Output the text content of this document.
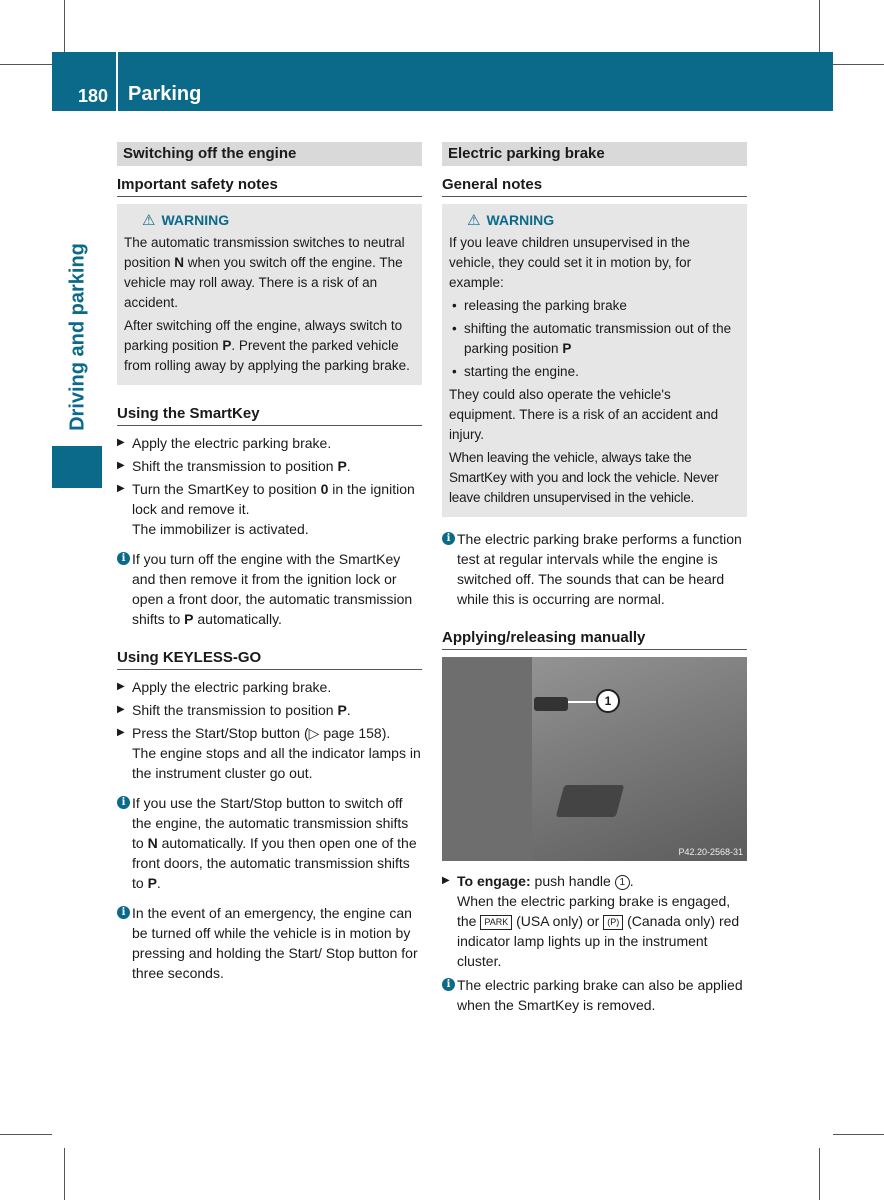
180 Parking
Driving and parking
Switching off the engine
Important safety notes
⚠ WARNING

The automatic transmission switches to neutral position N when you switch off the engine. The vehicle may roll away. There is a risk of an accident.

After switching off the engine, always switch to parking position P. Prevent the parked vehicle from rolling away by applying the parking brake.

Using the SmartKey
▶ Apply the electric parking brake.
▶ Shift the transmission to position P.
▶ Turn the SmartKey to position 0 in the ignition lock and remove it.
The immobilizer is activated.
i If you turn off the engine with the SmartKey and then remove it from the ignition lock or open a front door, the automatic transmission shifts to P automatically.
Using KEYLESS-GO
▶ Apply the electric parking brake.
▶ Shift the transmission to position P.
▶ Press the Start/Stop button (▷ page 158).
The engine stops and all the indicator lamps in the instrument cluster go out.
i If you use the Start/Stop button to switch off the engine, the automatic transmission shifts to N automatically. If you then open one of the front doors, the automatic transmission shifts to P.
i In the event of an emergency, the engine can be turned off while the vehicle is in motion by pressing and holding the Start/ Stop button for three seconds.
Electric parking brake
General notes
⚠ WARNING

If you leave children unsupervised in the vehicle, they could set it in motion by, for example:

• releasing the parking brake
• shifting the automatic transmission out of the parking position P
• starting the engine.

They could also operate the vehicle's equipment. There is a risk of an accident and injury.

When leaving the vehicle, always take the SmartKey with you and lock the vehicle. Never leave children unsupervised in the vehicle.

i The electric parking brake performs a function test at regular intervals while the engine is switched off. The sounds that can be heard while this is occurring are normal.
Applying/releasing manually
1
P42.20-2568-31
▶ To engage: push handle 1 .
When the electric parking brake is engaged, the PARK (USA only) or (P) (Canada only) red indicator lamp lights up in the instrument cluster.
i The electric parking brake can also be applied when the SmartKey is removed.
